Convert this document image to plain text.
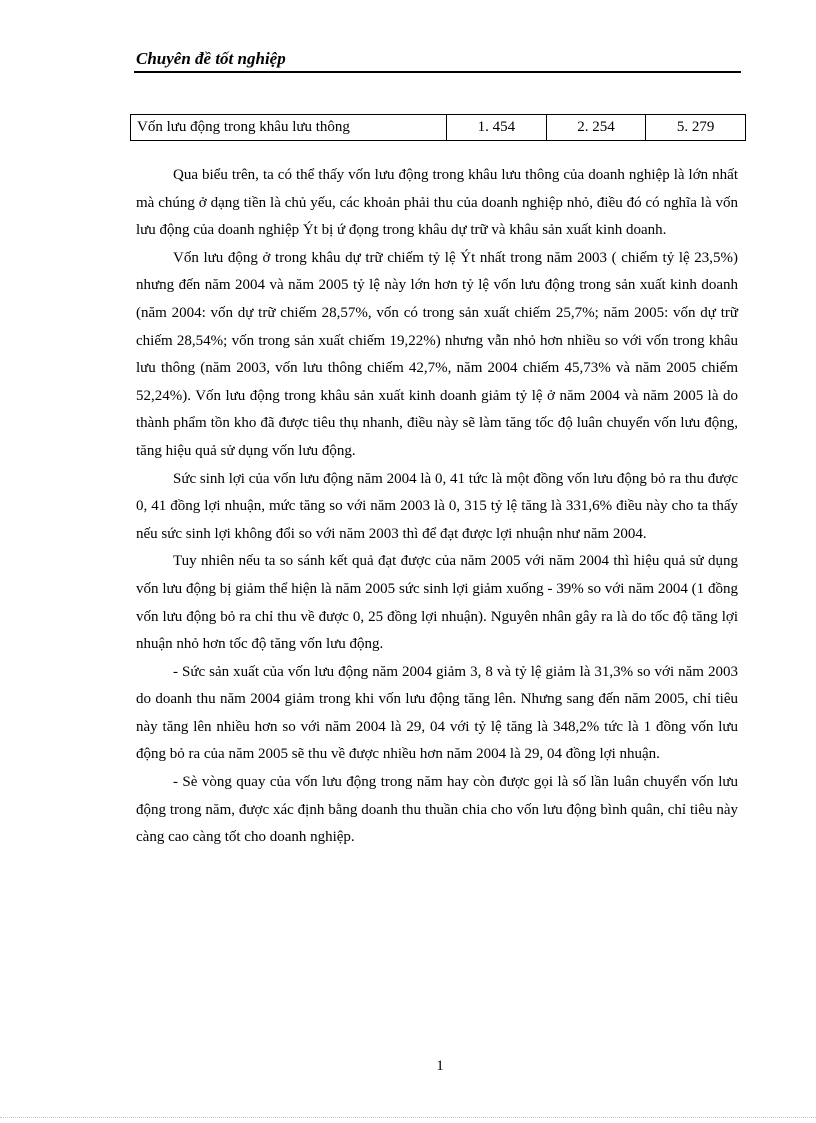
Chuyên đề tốt nghiệp
Vốn lưu động trong khâu lưu thông	1. 454	2. 254	5. 279

Qua biểu trên, ta có thể thấy vốn lưu động trong khâu lưu thông của doanh nghiệp là lớn nhất mà chúng ở dạng tiền là chủ yếu, các khoản phải thu của doanh nghiệp nhỏ, điều đó có nghĩa là vốn lưu động của doanh nghiệp Ýt bị ứ đọng trong khâu dự trữ và khâu sản xuất kinh doanh.

Vốn lưu động ở trong khâu dự trữ chiếm tỷ lệ Ýt nhất trong năm 2003 ( chiếm tỷ lệ 23,5%) nhưng đến năm 2004 và năm 2005 tỷ lệ này lớn hơn tỷ lệ vốn lưu động trong sản xuất kinh doanh (năm 2004: vốn dự trữ chiếm 28,57%, vốn có trong sản xuất chiếm 25,7%; năm 2005: vốn dự trữ chiếm 28,54%; vốn trong sản xuất chiếm 19,22%) nhưng vẫn nhỏ hơn nhiều so với vốn trong khâu lưu thông (năm 2003, vốn lưu thông chiếm 42,7%, năm 2004 chiếm 45,73% và năm 2005 chiếm 52,24%). Vốn lưu động trong khâu sản xuất kinh doanh giảm tỷ lệ ở năm 2004 và năm 2005 là do thành phẩm tồn kho đã được tiêu thụ nhanh, điều này sẽ làm tăng tốc độ luân chuyển vốn lưu động, tăng hiệu quả sử dụng vốn lưu động.

Sức sinh lợi của vốn lưu động năm 2004 là 0, 41 tức là một đồng vốn lưu động bỏ ra thu được 0, 41 đồng lợi nhuận, mức tăng so với năm 2003 là 0, 315 tỷ lệ tăng là 331,6% điều này cho ta thấy nếu sức sinh lợi không đổi so với năm 2003 thì để đạt được lợi nhuận như năm 2004.

Tuy nhiên nếu ta so sánh kết quả đạt được của năm 2005 với năm 2004 thì hiệu quả sử dụng vốn lưu động bị giảm thể hiện là năm 2005 sức sinh lợi giảm xuống - 39% so với năm 2004 (1 đồng vốn lưu động bỏ ra chỉ thu về được 0, 25 đồng lợi nhuận). Nguyên nhân gây ra là do tốc độ tăng lợi nhuận nhỏ hơn tốc độ tăng vốn lưu động.

- Sức sản xuất của vốn lưu động năm 2004 giảm 3, 8 và tỷ lệ giảm là 31,3% so với năm 2003 do doanh thu năm 2004 giảm trong khi vốn lưu động tăng lên. Nhưng sang đến năm 2005, chỉ tiêu này tăng lên nhiều hơn so với năm 2004 là 29, 04 với tỷ lệ tăng là 348,2% tức là 1 đồng vốn lưu động bỏ ra của năm 2005 sẽ thu về được nhiều hơn năm 2004 là 29, 04 đồng lợi nhuận.

- Sè vòng quay của vốn lưu động trong năm hay còn được gọi là số lần luân chuyển vốn lưu động trong năm, được xác định bằng doanh thu thuần chia cho vốn lưu động bình quân, chỉ tiêu này càng cao càng tốt cho doanh nghiệp.

1
